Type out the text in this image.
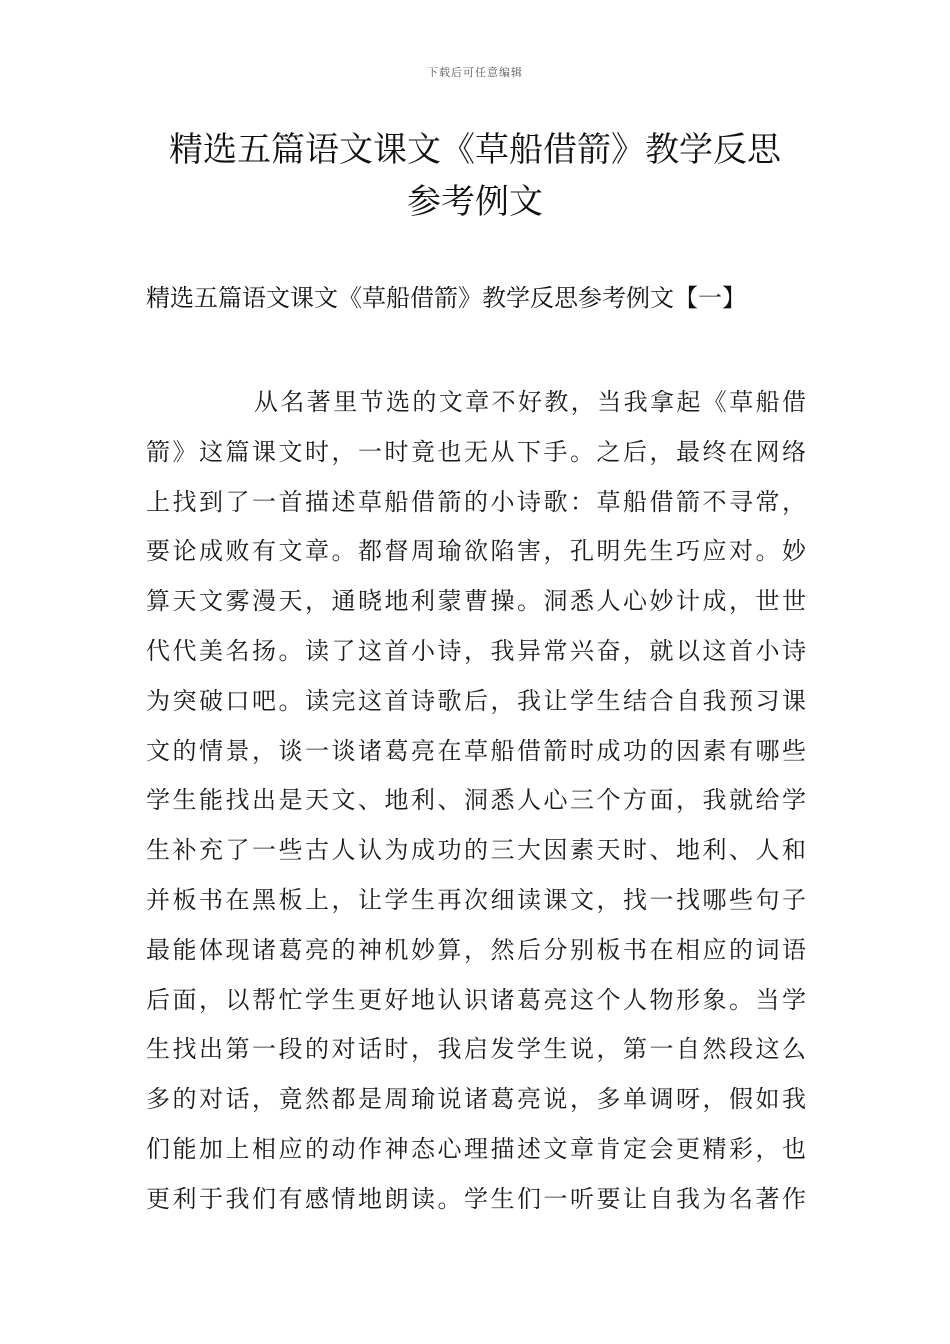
下载后可任意编辑
精选五篇语文课文《草船借箭》教学反思
参考例文
精选五篇语文课文《草船借箭》教学反思参考例文【一】
从名著里节选的文章不好教，当我拿起《草船借
箭》这篇课文时，一时竟也无从下手。之后，最终在网络
上找到了一首描述草船借箭的小诗歌：草船借箭不寻常，
要论成败有文章。都督周瑜欲陷害，孔明先生巧应对。妙
算天文雾漫天，通晓地利蒙曹操。洞悉人心妙计成，世世
代代美名扬。读了这首小诗，我异常兴奋，就以这首小诗
为突破口吧。读完这首诗歌后，我让学生结合自我预习课
文的情景，谈一谈诸葛亮在草船借箭时成功的因素有哪些
学生能找出是天文、地利、洞悉人心三个方面，我就给学
生补充了一些古人认为成功的三大因素天时、地利、人和
并板书在黑板上，让学生再次细读课文，找一找哪些句子
最能体现诸葛亮的神机妙算，然后分别板书在相应的词语
后面，以帮忙学生更好地认识诸葛亮这个人物形象。当学
生找出第一段的对话时，我启发学生说，第一自然段这么
多的对话，竟然都是周瑜说诸葛亮说，多单调呀，假如我
们能加上相应的动作神态心理描述文章肯定会更精彩，也
更利于我们有感情地朗读。学生们一听要让自我为名著作
